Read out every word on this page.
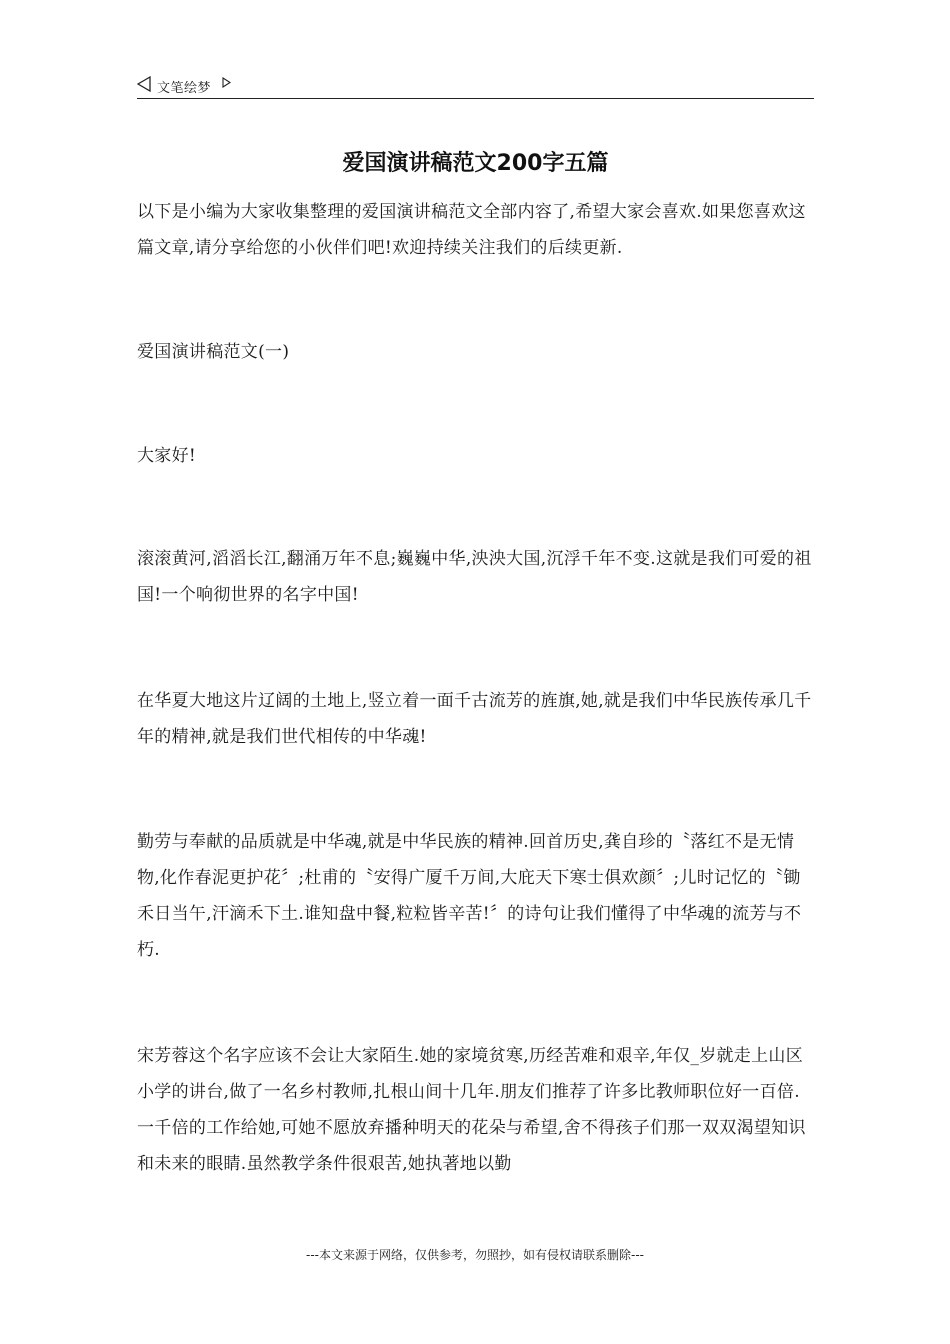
文笔绘梦
爱国演讲稿范文200字五篇

以下是小编为大家收集整理的爱国演讲稿范文全部内容了,希望大家会喜欢.如果您喜欢这篇文章,请分享给您的小伙伴们吧!欢迎持续关注我们的后续更新.

爱国演讲稿范文(一)

大家好!

滚滚黄河,滔滔长江,翻涌万年不息;巍巍中华,泱泱大国,沉浮千年不变.这就是我们可爱的祖国!一个响彻世界的名字中国!

在华夏大地这片辽阔的土地上,竖立着一面千古流芳的旌旗,她,就是我们中华民族传承几千年的精神,就是我们世代相传的中华魂!

勤劳与奉献的品质就是中华魂,就是中华民族的精神.回首历史,龚自珍的〝落红不是无情物,化作春泥更护花〞;杜甫的〝安得广厦千万间,大庇天下寒士俱欢颜〞;儿时记忆的〝锄禾日当午,汗滴禾下土.谁知盘中餐,粒粒皆辛苦!〞的诗句让我们懂得了中华魂的流芳与不朽.

宋芳蓉这个名字应该不会让大家陌生.她的家境贫寒,历经苦难和艰辛,年仅_岁就走上山区小学的讲台,做了一名乡村教师,扎根山间十几年.朋友们推荐了许多比教师职位好一百倍.一千倍的工作给她,可她不愿放弃播种明天的花朵与希望,舍不得孩子们那一双双渴望知识和未来的眼睛.虽然教学条件很艰苦,她执著地以勤

---本文来源于网络，仅供参考，勿照抄，如有侵权请联系删除---
